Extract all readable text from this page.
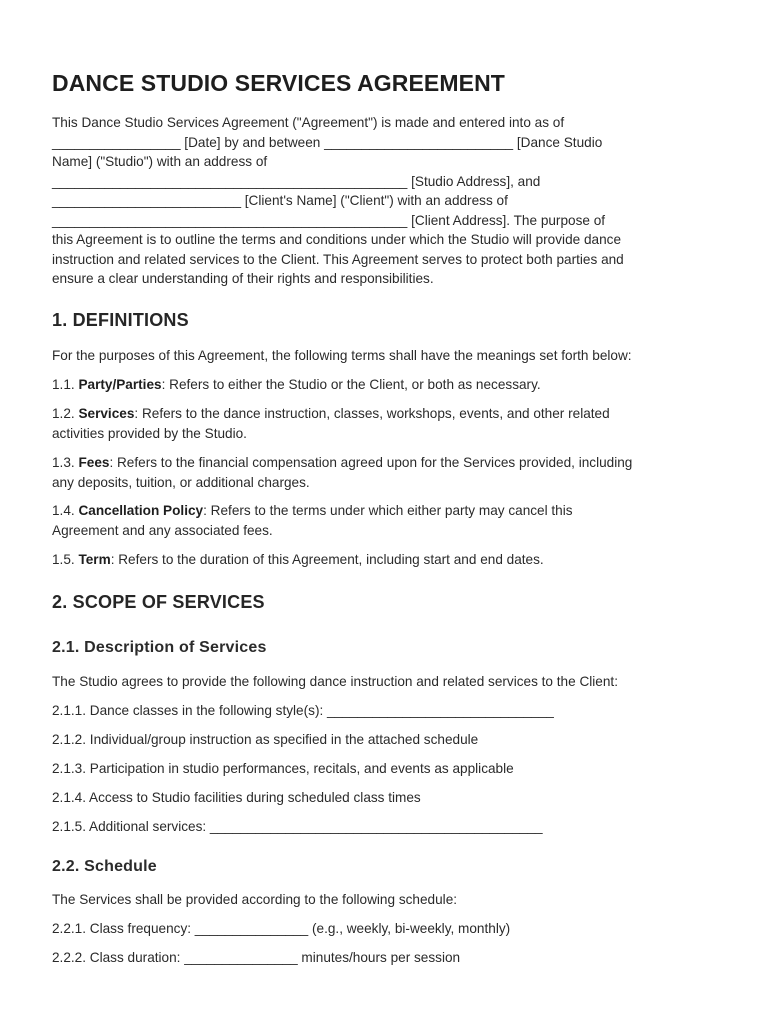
DANCE STUDIO SERVICES AGREEMENT

This Dance Studio Services Agreement ("Agreement") is made and entered into as of
_________________ [Date] by and between _________________________ [Dance Studio
Name] ("Studio") with an address of
_______________________________________________ [Studio Address], and
_________________________ [Client's Name] ("Client") with an address of
_______________________________________________ [Client Address]. The purpose of
this Agreement is to outline the terms and conditions under which the Studio will provide dance
instruction and related services to the Client. This Agreement serves to protect both parties and
ensure a clear understanding of their rights and responsibilities.

1. DEFINITIONS

For the purposes of this Agreement, the following terms shall have the meanings set forth below:

1.1. Party/Parties: Refers to either the Studio or the Client, or both as necessary.

1.2. Services: Refers to the dance instruction, classes, workshops, events, and other related
activities provided by the Studio.

1.3. Fees: Refers to the financial compensation agreed upon for the Services provided, including
any deposits, tuition, or additional charges.

1.4. Cancellation Policy: Refers to the terms under which either party may cancel this
Agreement and any associated fees.

1.5. Term: Refers to the duration of this Agreement, including start and end dates.

2. SCOPE OF SERVICES
2.1. Description of Services

The Studio agrees to provide the following dance instruction and related services to the Client:

2.1.1. Dance classes in the following style(s): ______________________________

2.1.2. Individual/group instruction as specified in the attached schedule

2.1.3. Participation in studio performances, recitals, and events as applicable

2.1.4. Access to Studio facilities during scheduled class times

2.1.5. Additional services: ____________________________________________

2.2. Schedule

The Services shall be provided according to the following schedule:

2.2.1. Class frequency: _______________ (e.g., weekly, bi-weekly, monthly)

2.2.2. Class duration: _______________ minutes/hours per session
